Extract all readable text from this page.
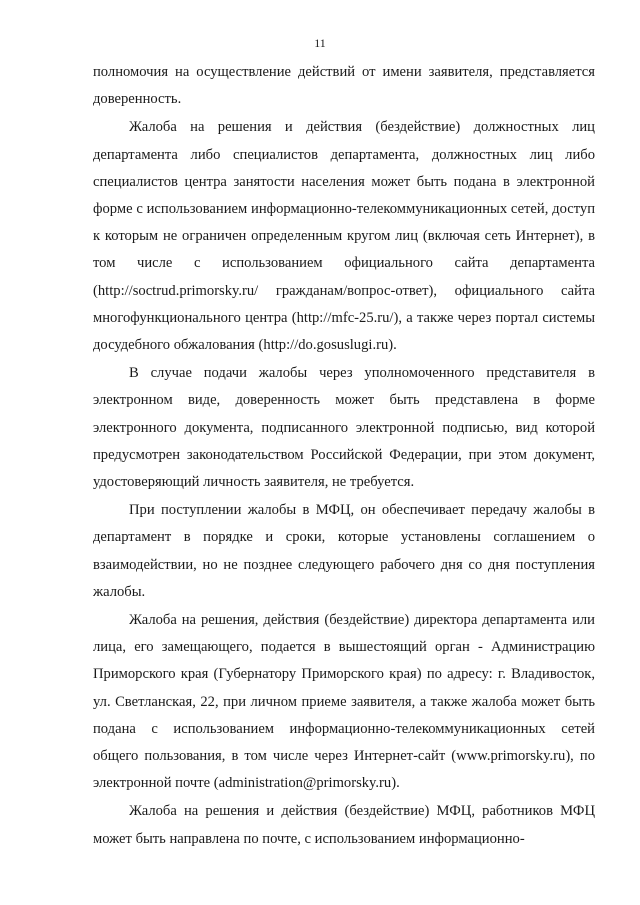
11

полномочия на осуществление действий от имени заявителя, представляется доверенность.

Жалоба на решения и действия (бездействие) должностных лиц департамента либо специалистов департамента, должностных лиц либо специалистов центра занятости населения может быть подана в электронной форме с использованием информационно-телекоммуникационных сетей, доступ к которым не ограничен определенным кругом лиц (включая сеть Интернет), в том числе с использованием официального сайта департамента (http://soctrud.primorsky.ru/ гражданам/вопрос-ответ), официального сайта многофункционального центра (http://mfc-25.ru/), а также через портал системы досудебного обжалования (http://do.gosuslugi.ru).

В случае подачи жалобы через уполномоченного представителя в электронном виде, доверенность может быть представлена в форме электронного документа, подписанного электронной подписью, вид которой предусмотрен законодательством Российской Федерации, при этом документ, удостоверяющий личность заявителя, не требуется.

При поступлении жалобы в МФЦ, он обеспечивает передачу жалобы в департамент в порядке и сроки, которые установлены соглашением о взаимодействии, но не позднее следующего рабочего дня со дня поступления жалобы.

Жалоба на решения, действия (бездействие) директора департамента или лица, его замещающего, подается в вышестоящий орган - Администрацию Приморского края (Губернатору Приморского края) по адресу: г. Владивосток, ул. Светланская, 22, при личном приеме заявителя, а также жалоба может быть подана с использованием информационно-телекоммуникационных сетей общего пользования, в том числе через Интернет-сайт (www.primorsky.ru), по электронной почте (administration@primorsky.ru).

Жалоба на решения и действия (бездействие) МФЦ, работников МФЦ может быть направлена по почте, с использованием информационно-
